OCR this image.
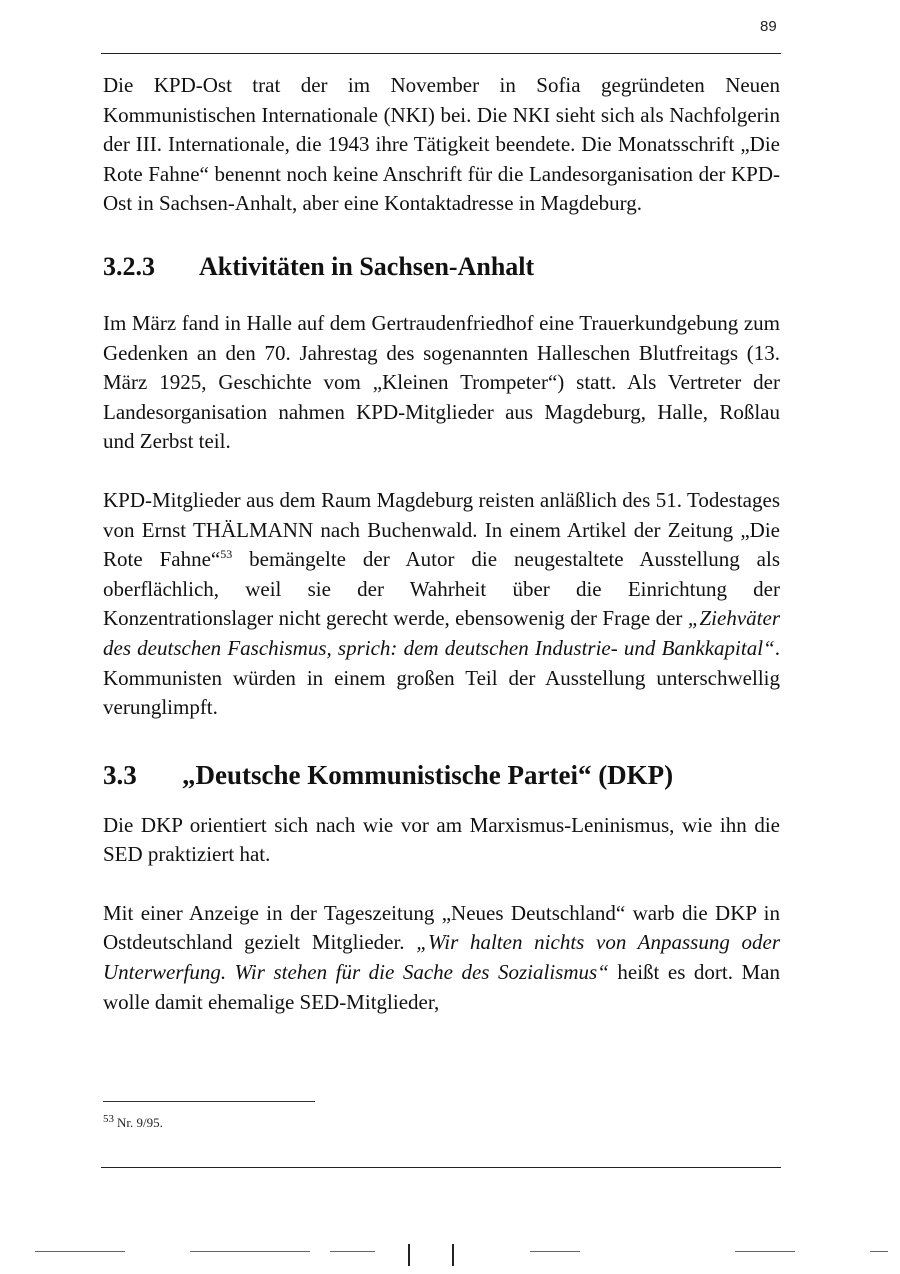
89

Die KPD-Ost trat der im November in Sofia gegründeten Neuen Kommunistischen Internationale (NKI) bei. Die NKI sieht sich als Nachfolgerin der III. Internationale, die 1943 ihre Tätigkeit beendete. Die Monatsschrift „Die Rote Fahne“ benennt noch keine Anschrift für die Landesorganisation der KPD-Ost in Sachsen-Anhalt, aber eine Kontaktadresse in Magdeburg.

3.2.3	Aktivitäten in Sachsen-Anhalt

Im März fand in Halle auf dem Gertraudenfriedhof eine Trauerkundgebung zum Gedenken an den 70. Jahrestag des sogenannten Halleschen Blutfreitags (13. März 1925, Geschichte vom „Kleinen Trompeter“) statt. Als Vertreter der Landesorganisation nahmen KPD-Mitglieder aus Magdeburg, Halle, Roßlau und Zerbst teil.

KPD-Mitglieder aus dem Raum Magdeburg reisten anläßlich des 51. Todestages von Ernst THÄLMANN nach Buchenwald. In einem Artikel der Zeitung „Die Rote Fahne“$^{53}$ bemängelte der Autor die neugestaltete Ausstellung als oberflächlich, weil sie der Wahrheit über die Einrichtung der Konzentrationslager nicht gerecht werde, ebensowenig der Frage der „Ziehväter des deutschen Faschismus, sprich: dem deutschen Industrie- und Bankkapital“. Kommunisten würden in einem großen Teil der Ausstellung unterschwellig verunglimpft.

3.3	„Deutsche Kommunistische Partei“ (DKP)

Die DKP orientiert sich nach wie vor am Marxismus-Leninismus, wie ihn die SED praktiziert hat.

Mit einer Anzeige in der Tageszeitung „Neues Deutschland“ warb die DKP in Ostdeutschland gezielt Mitglieder. „Wir halten nichts von Anpassung oder Unterwerfung. Wir stehen für die Sache des Sozialismus“ heißt es dort. Man wolle damit ehemalige SED-Mitglieder,

$^{53}$ Nr. 9/95.
